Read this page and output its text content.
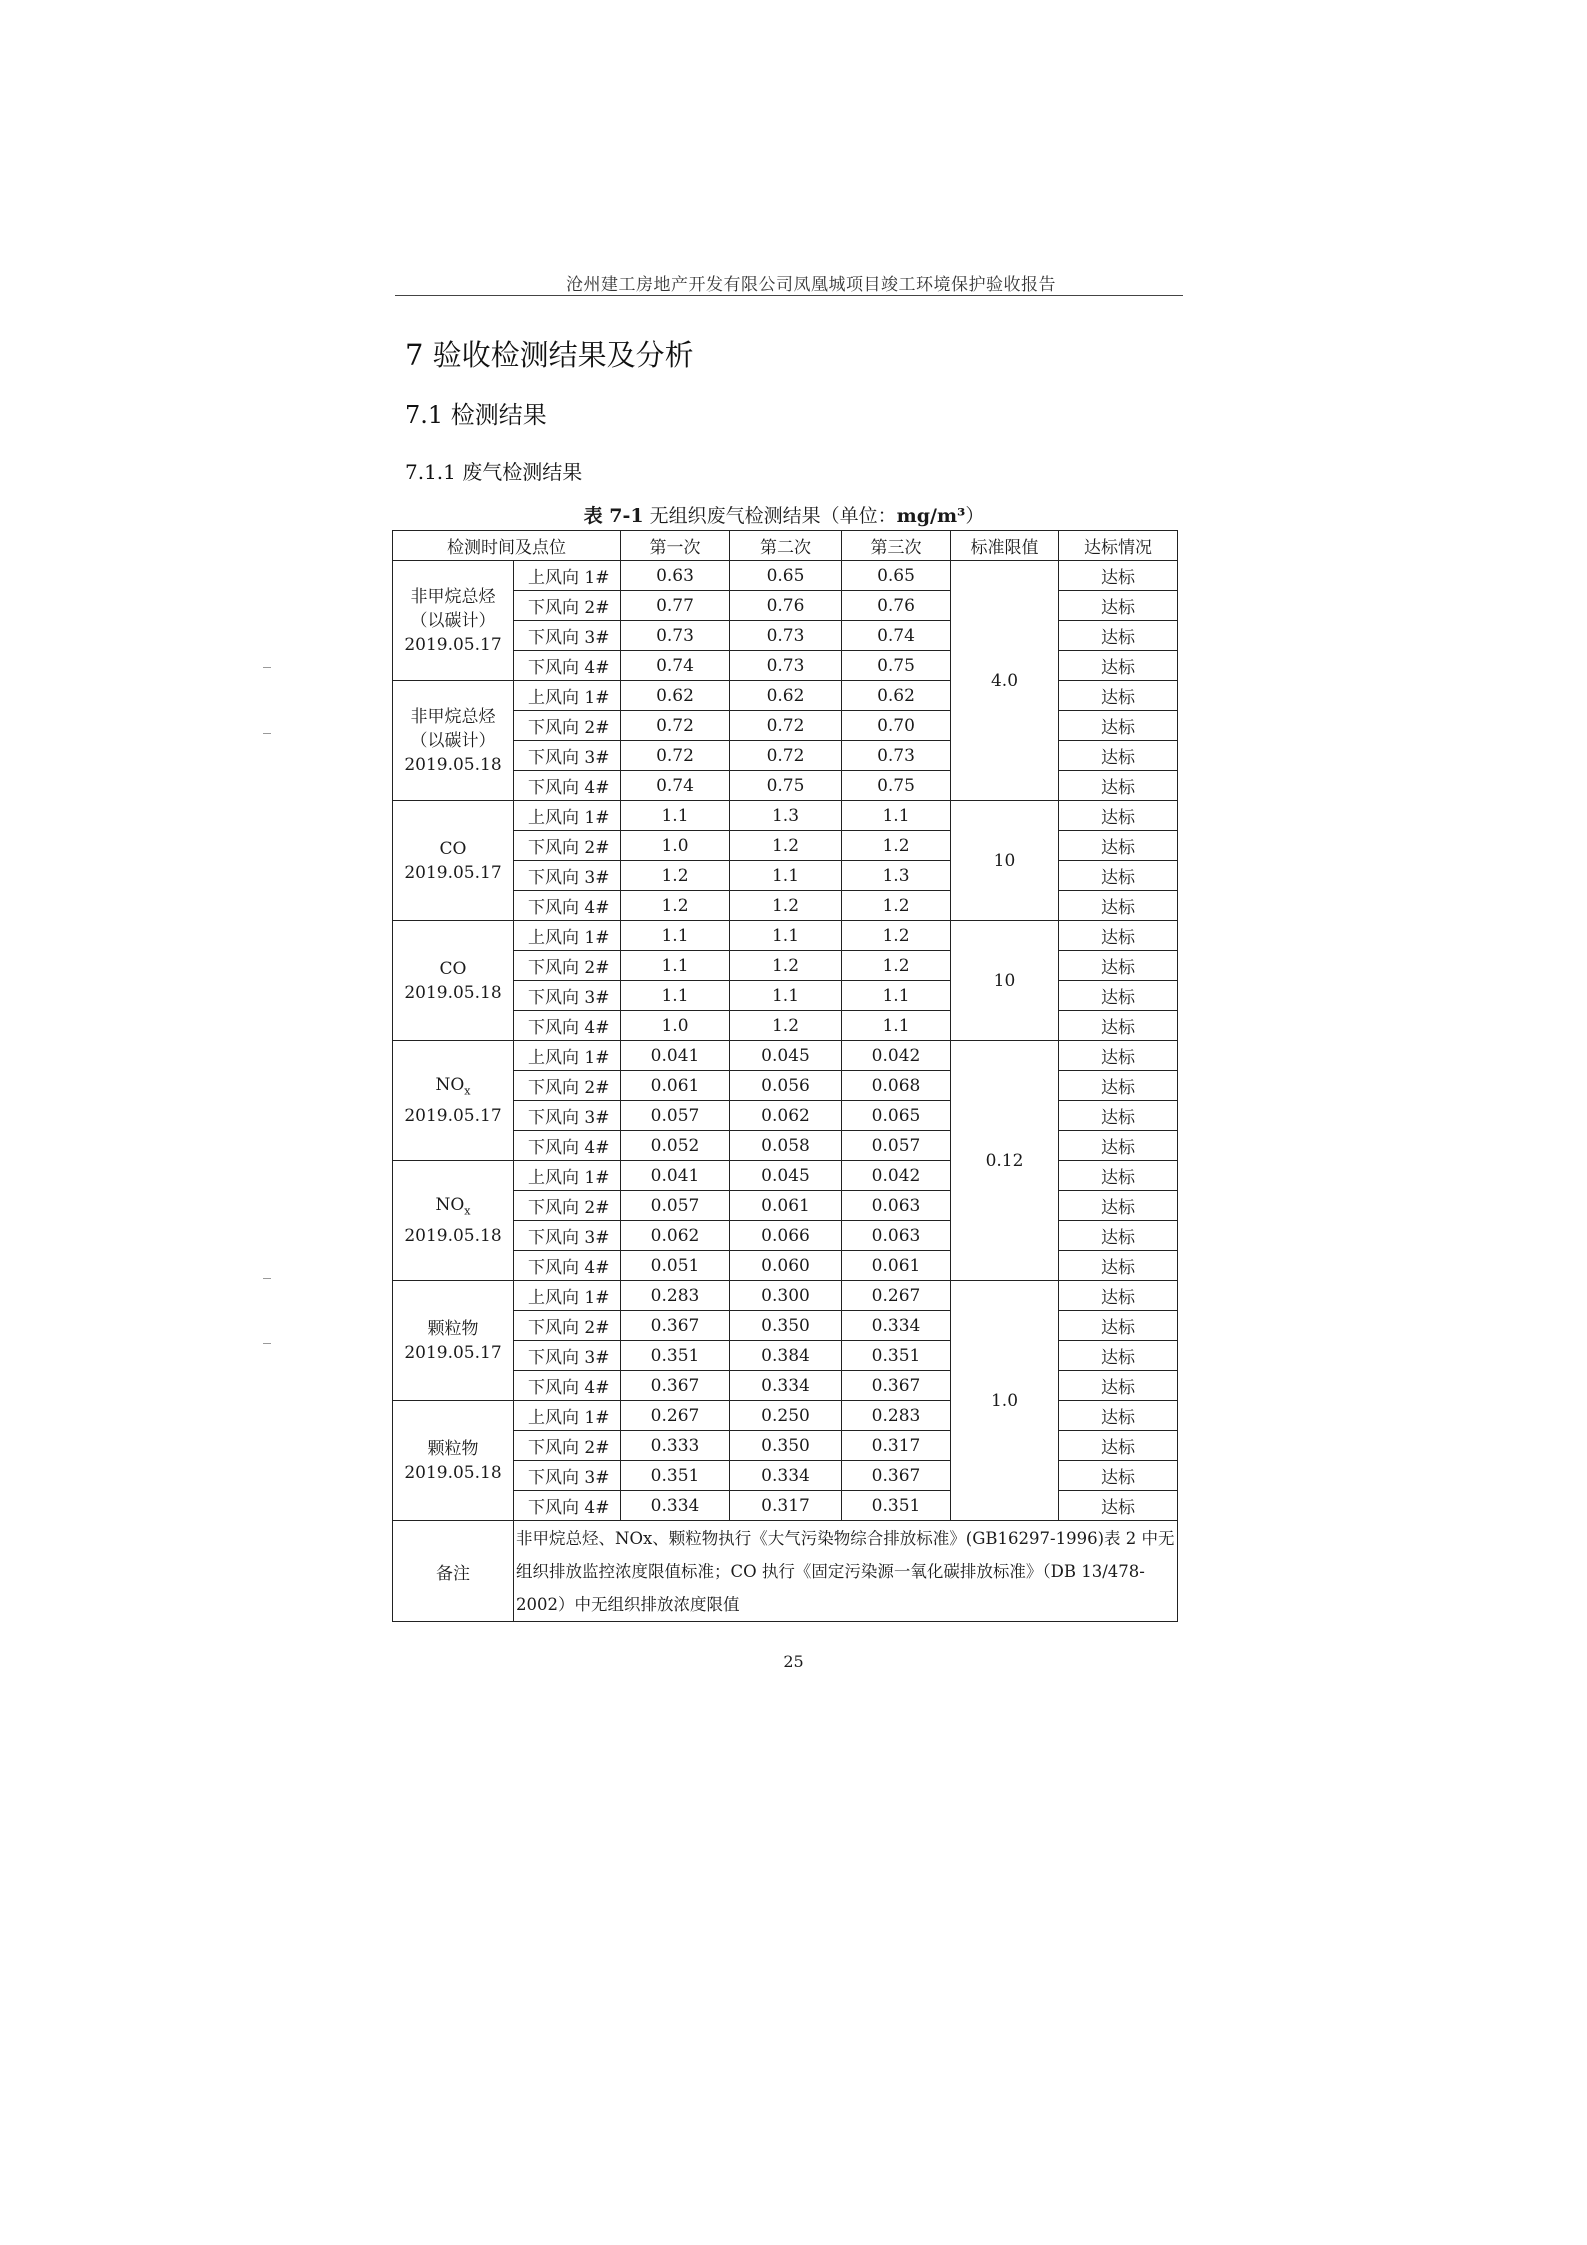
沧州建工房地产开发有限公司凤凰城项目竣工环境保护验收报告
7 验收检测结果及分析
7.1 检测结果
7.1.1 废气检测结果
表 7-1 无组织废气检测结果（单位：mg/m³）
检测时间及点位		第一次	第二次	第三次	标准限值	达标情况
非甲烷总烃
（以碳计）
2019.05.17	上风向 1#	0.63	0.65	0.65	4.0	达标
	下风向 2#	0.77	0.76	0.76		达标
	下风向 3#	0.73	0.73	0.74		达标
	下风向 4#	0.74	0.73	0.75		达标
非甲烷总烃
（以碳计）
2019.05.18	上风向 1#	0.62	0.62	0.62		达标
	下风向 2#	0.72	0.72	0.70		达标
	下风向 3#	0.72	0.72	0.73		达标
	下风向 4#	0.74	0.75	0.75		达标
CO
2019.05.17	上风向 1#	1.1	1.3	1.1	10	达标
	下风向 2#	1.0	1.2	1.2		达标
	下风向 3#	1.2	1.1	1.3		达标
	下风向 4#	1.2	1.2	1.2		达标
CO
2019.05.18	上风向 1#	1.1	1.1	1.2	10	达标
	下风向 2#	1.1	1.2	1.2		达标
	下风向 3#	1.1	1.1	1.1		达标
	下风向 4#	1.0	1.2	1.1		达标
$NO_x$
2019.05.17	上风向 1#	0.041	0.045	0.042	0.12	达标
	下风向 2#	0.061	0.056	0.068		达标
	下风向 3#	0.057	0.062	0.065		达标
	下风向 4#	0.052	0.058	0.057		达标
$NO_x$
2019.05.18	上风向 1#	0.041	0.045	0.042		达标
	下风向 2#	0.057	0.061	0.063		达标
	下风向 3#	0.062	0.066	0.063		达标
	下风向 4#	0.051	0.060	0.061		达标
颗粒物
2019.05.17	上风向 1#	0.283	0.300	0.267	1.0	达标
	下风向 2#	0.367	0.350	0.334		达标
	下风向 3#	0.351	0.384	0.351		达标
	下风向 4#	0.367	0.334	0.367		达标
颗粒物
2019.05.18	上风向 1#	0.267	0.250	0.283		达标
	下风向 2#	0.333	0.350	0.317		达标
	下风向 3#	0.351	0.334	0.367		达标
	下风向 4#	0.334	0.317	0.351		达标
备注	非甲烷总烃、NOx、颗粒物执行《大气污染物综合排放标准》(GB16297-1996)表 2 中无组织排放监控浓度限值标准；CO 执行《固定污染源一氧化碳排放标准》（DB 13/478-2002）中无组织排放浓度限值					
25
